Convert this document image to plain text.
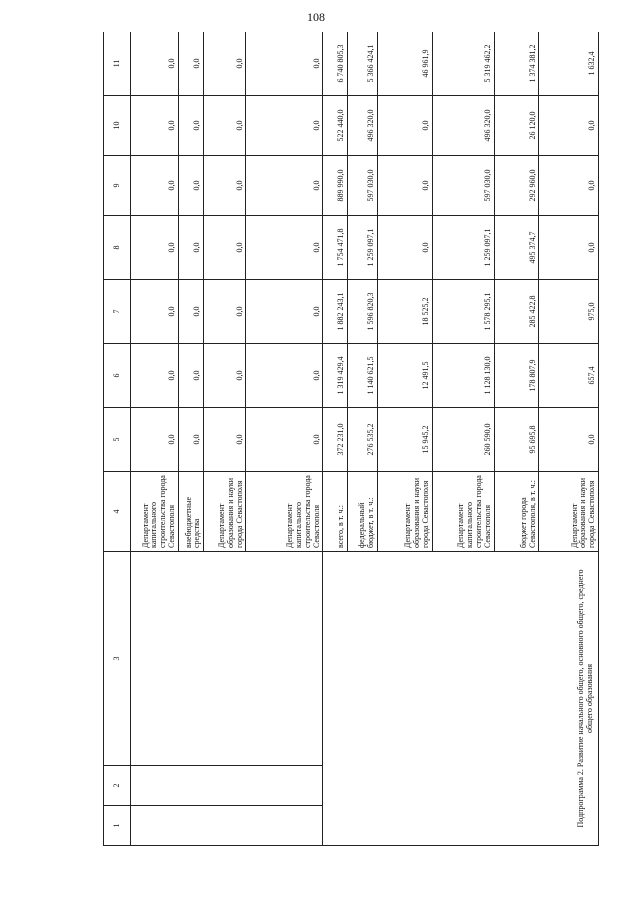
108
1	2	3	4	5	6	7	8	9	10	11
			Департамент капитального строительства города Севастополя	0,0	0,0	0,0	0,0	0,0	0,0	0,0
			внебюджетные средства	0,0	0,0	0,0	0,0	0,0	0,0	0,0
			Департамент образования и науки города Севастополя	0,0	0,0	0,0	0,0	0,0	0,0	0,0
			Департамент капитального строительства города Севастополя	0,0	0,0	0,0	0,0	0,0	0,0	0,0
Подпрограмма 2. Развитие начального общего, основного общего, среднего общего образования			всего, в т. ч.:	372 231,0	1 319 429,4	1 882 243,1	1 754 471,8	889 990,0	522 440,0	6 740 805,3
			федеральный бюджет, в т. ч.:	276 535,2	1 140 621,5	1 596 820,3	1 259 097,1	597 030,0	496 320,0	5 366 424,1
			Департамент образования и науки города Севастополя	15 945,2	12 491,5	18 525,2	0,0	0,0	0,0	46 961,9
			Департамент капитального строительства города Севастополя	260 590,0	1 128 130,0	1 578 295,1	1 259 097,1	597 030,0	496 320,0	5 319 462,2
			бюджет города Севастополя, в т. ч.:	95 695,8	178 807,9	285 422,8	495 374,7	292 960,0	26 120,0	1 374 381,2
			Департамент образования и науки города Севастополя	0,0	657,4	975,0	0,0	0,0	0,0	1 632,4
